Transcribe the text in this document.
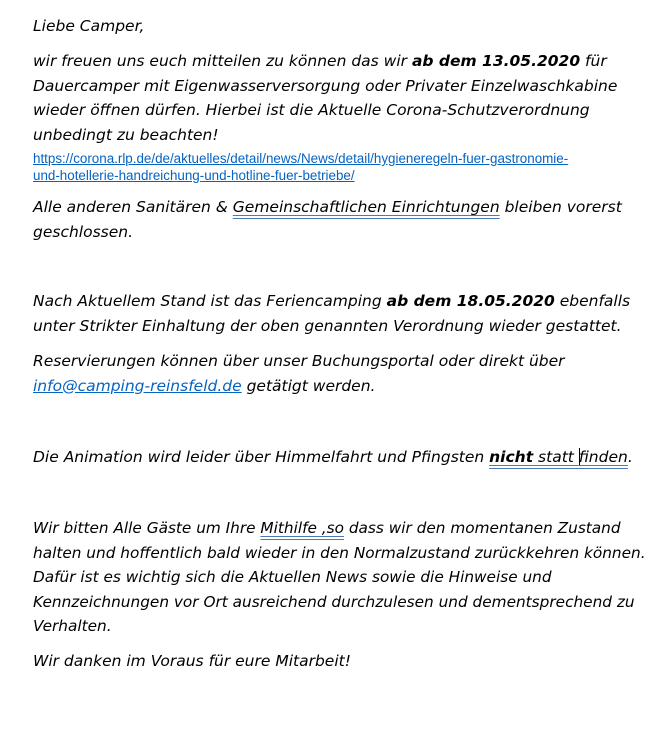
Liebe Camper,

wir freuen uns euch mitteilen zu können das wir ab dem 13.05.2020 für
Dauercamper mit Eigenwasserversorgung oder Privater Einzelwaschkabine
wieder öffnen dürfen. Hierbei ist die Aktuelle Corona-Schutzverordnung
unbedingt zu beachten!

https://corona.rlp.de/de/aktuelles/detail/news/News/detail/hygieneregeln-fuer-gastronomie-
und-hotellerie-handreichung-und-hotline-fuer-betriebe/

Alle anderen Sanitären & Gemeinschaftlichen Einrichtungen bleiben vorerst
geschlossen.

Nach Aktuellem Stand ist das Feriencamping ab dem 18.05.2020 ebenfalls
unter Strikter Einhaltung der oben genannten Verordnung wieder gestattet.

Reservierungen können über unser Buchungsportal oder direkt über
info@camping-reinsfeld.de getätigt werden.

Die Animation wird leider über Himmelfahrt und Pfingsten nicht statt finden.

Wir bitten Alle Gäste um Ihre Mithilfe ,so dass wir den momentanen Zustand
halten und hoffentlich bald wieder in den Normalzustand zurückkehren können.
Dafür ist es wichtig sich die Aktuellen News sowie die Hinweise und
Kennzeichnungen vor Ort ausreichend durchzulesen und dementsprechend zu
Verhalten.

Wir danken im Voraus für eure Mitarbeit!
